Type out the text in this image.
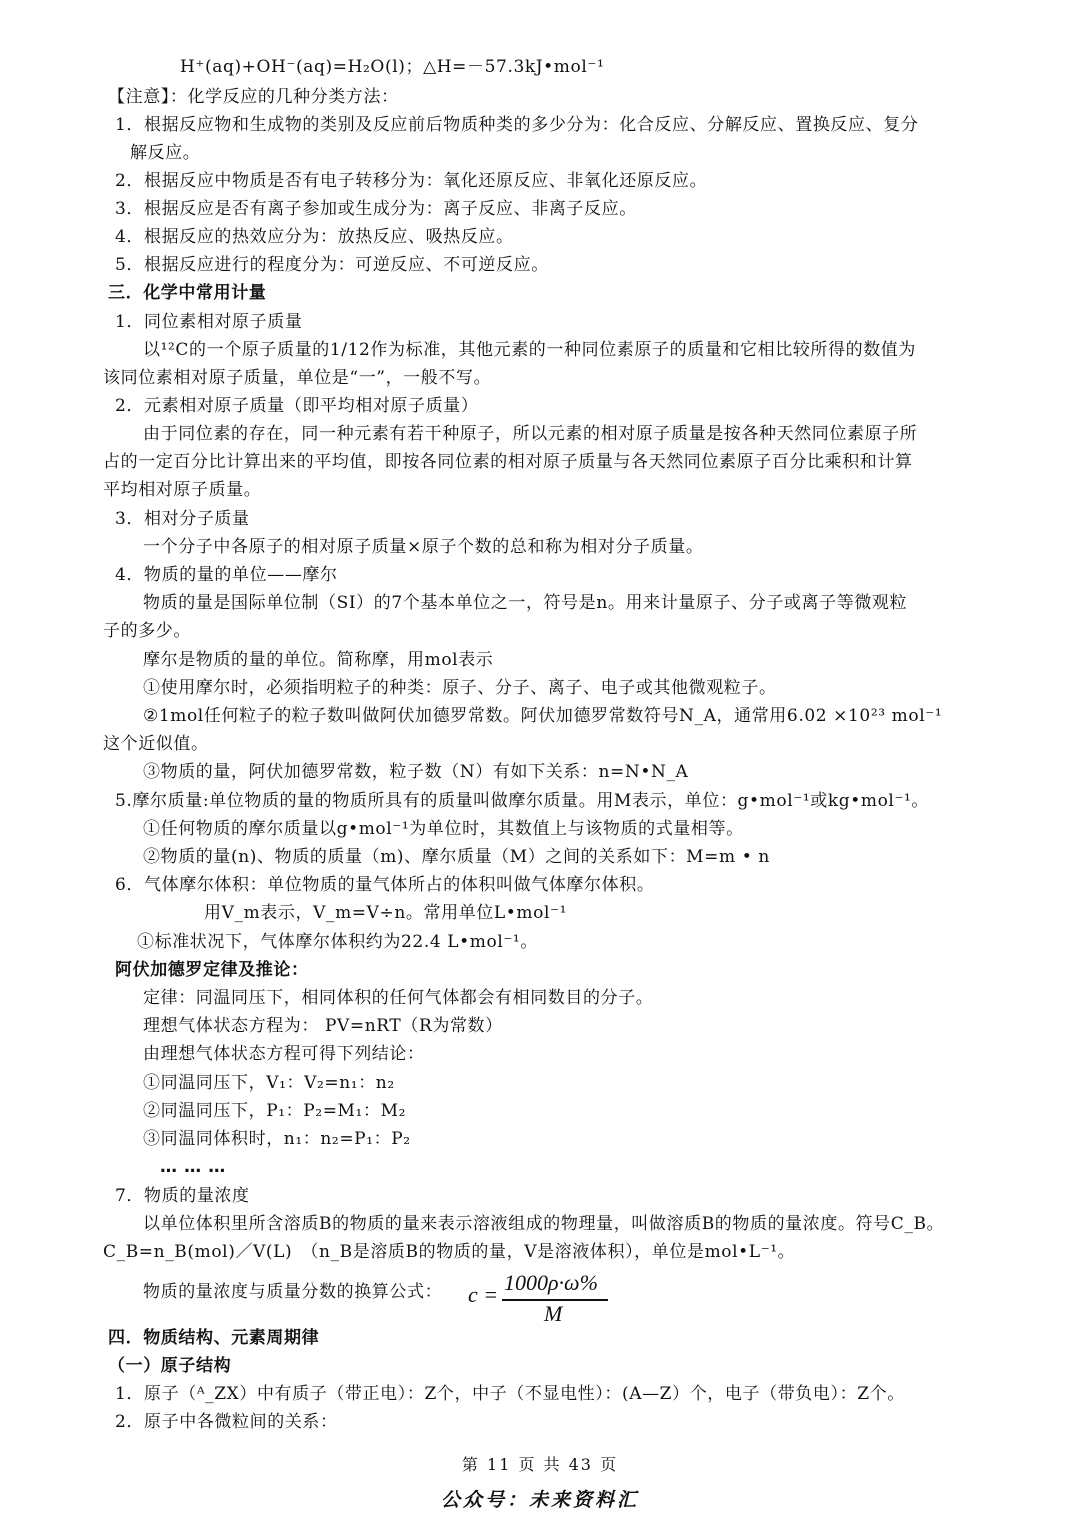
H⁺(aq)+OH⁻(aq)=H₂O(l)；△H=－57.3kJ•mol⁻¹
【注意】：化学反应的几种分类方法：
1．根据反应物和生成物的类别及反应前后物质种类的多少分为：化合反应、分解反应、置换反应、复分
解反应。
2．根据反应中物质是否有电子转移分为：氧化还原反应、非氧化还原反应。
3．根据反应是否有离子参加或生成分为：离子反应、非离子反应。
4．根据反应的热效应分为：放热反应、吸热反应。
5．根据反应进行的程度分为：可逆反应、不可逆反应。
三．化学中常用计量
1．同位素相对原子质量
以¹²C的一个原子质量的1/12作为标准，其他元素的一种同位素原子的质量和它相比较所得的数值为
该同位素相对原子质量，单位是“一”，一般不写。
2．元素相对原子质量（即平均相对原子质量）
由于同位素的存在，同一种元素有若干种原子，所以元素的相对原子质量是按各种天然同位素原子所
占的一定百分比计算出来的平均值，即按各同位素的相对原子质量与各天然同位素原子百分比乘积和计算
平均相对原子质量。
3．相对分子质量
一个分子中各原子的相对原子质量×原子个数的总和称为相对分子质量。
4．物质的量的单位——摩尔
物质的量是国际单位制（SI）的7个基本单位之一，符号是n。用来计量原子、分子或离子等微观粒
子的多少。
摩尔是物质的量的单位。简称摩，用mol表示
①使用摩尔时，必须指明粒子的种类：原子、分子、离子、电子或其他微观粒子。
②1mol任何粒子的粒子数叫做阿伏加德罗常数。阿伏加德罗常数符号N_A，通常用6.02 ×10²³ mol⁻¹
这个近似值。
③物质的量，阿伏加德罗常数，粒子数（N）有如下关系：n=N•N_A
5.摩尔质量:单位物质的量的物质所具有的质量叫做摩尔质量。用M表示，单位：g•mol⁻¹或kg•mol⁻¹。
①任何物质的摩尔质量以g•mol⁻¹为单位时，其数值上与该物质的式量相等。
②物质的量(n)、物质的质量（m)、摩尔质量（M）之间的关系如下：M=m • n
6．气体摩尔体积：单位物质的量气体所占的体积叫做气体摩尔体积。
用V_m表示，V_m=V÷n。常用单位L•mol⁻¹
①标准状况下，气体摩尔体积约为22.4 L•mol⁻¹。
阿伏加德罗定律及推论：
定律：同温同压下，相同体积的任何气体都会有相同数目的分子。
理想气体状态方程为： PV=nRT（R为常数）
由理想气体状态方程可得下列结论：
①同温同压下，V₁：V₂=n₁：n₂
②同温同压下，P₁：P₂=M₁：M₂
③同温同体积时，n₁：n₂=P₁：P₂
… … …
7．物质的量浓度
以单位体积里所含溶质B的物质的量来表示溶液组成的物理量，叫做溶质B的物质的量浓度。符号C_B。
C_B=n_B(mol)／V(L)　（n_B是溶质B的物质的量，V是溶液体积），单位是mol•L⁻¹。
物质的量浓度与质量分数的换算公式：
四．物质结构、元素周期律
（一）原子结构
1．原子（ᴬ_ZX）中有质子（带正电）：Z个，中子（不显电性）：(A—Z）个，电子（带负电）：Z个。
2．原子中各微粒间的关系：
c = 1000ρ·ω%
M
第 11 页 共 43 页
公众号：未来资料汇
